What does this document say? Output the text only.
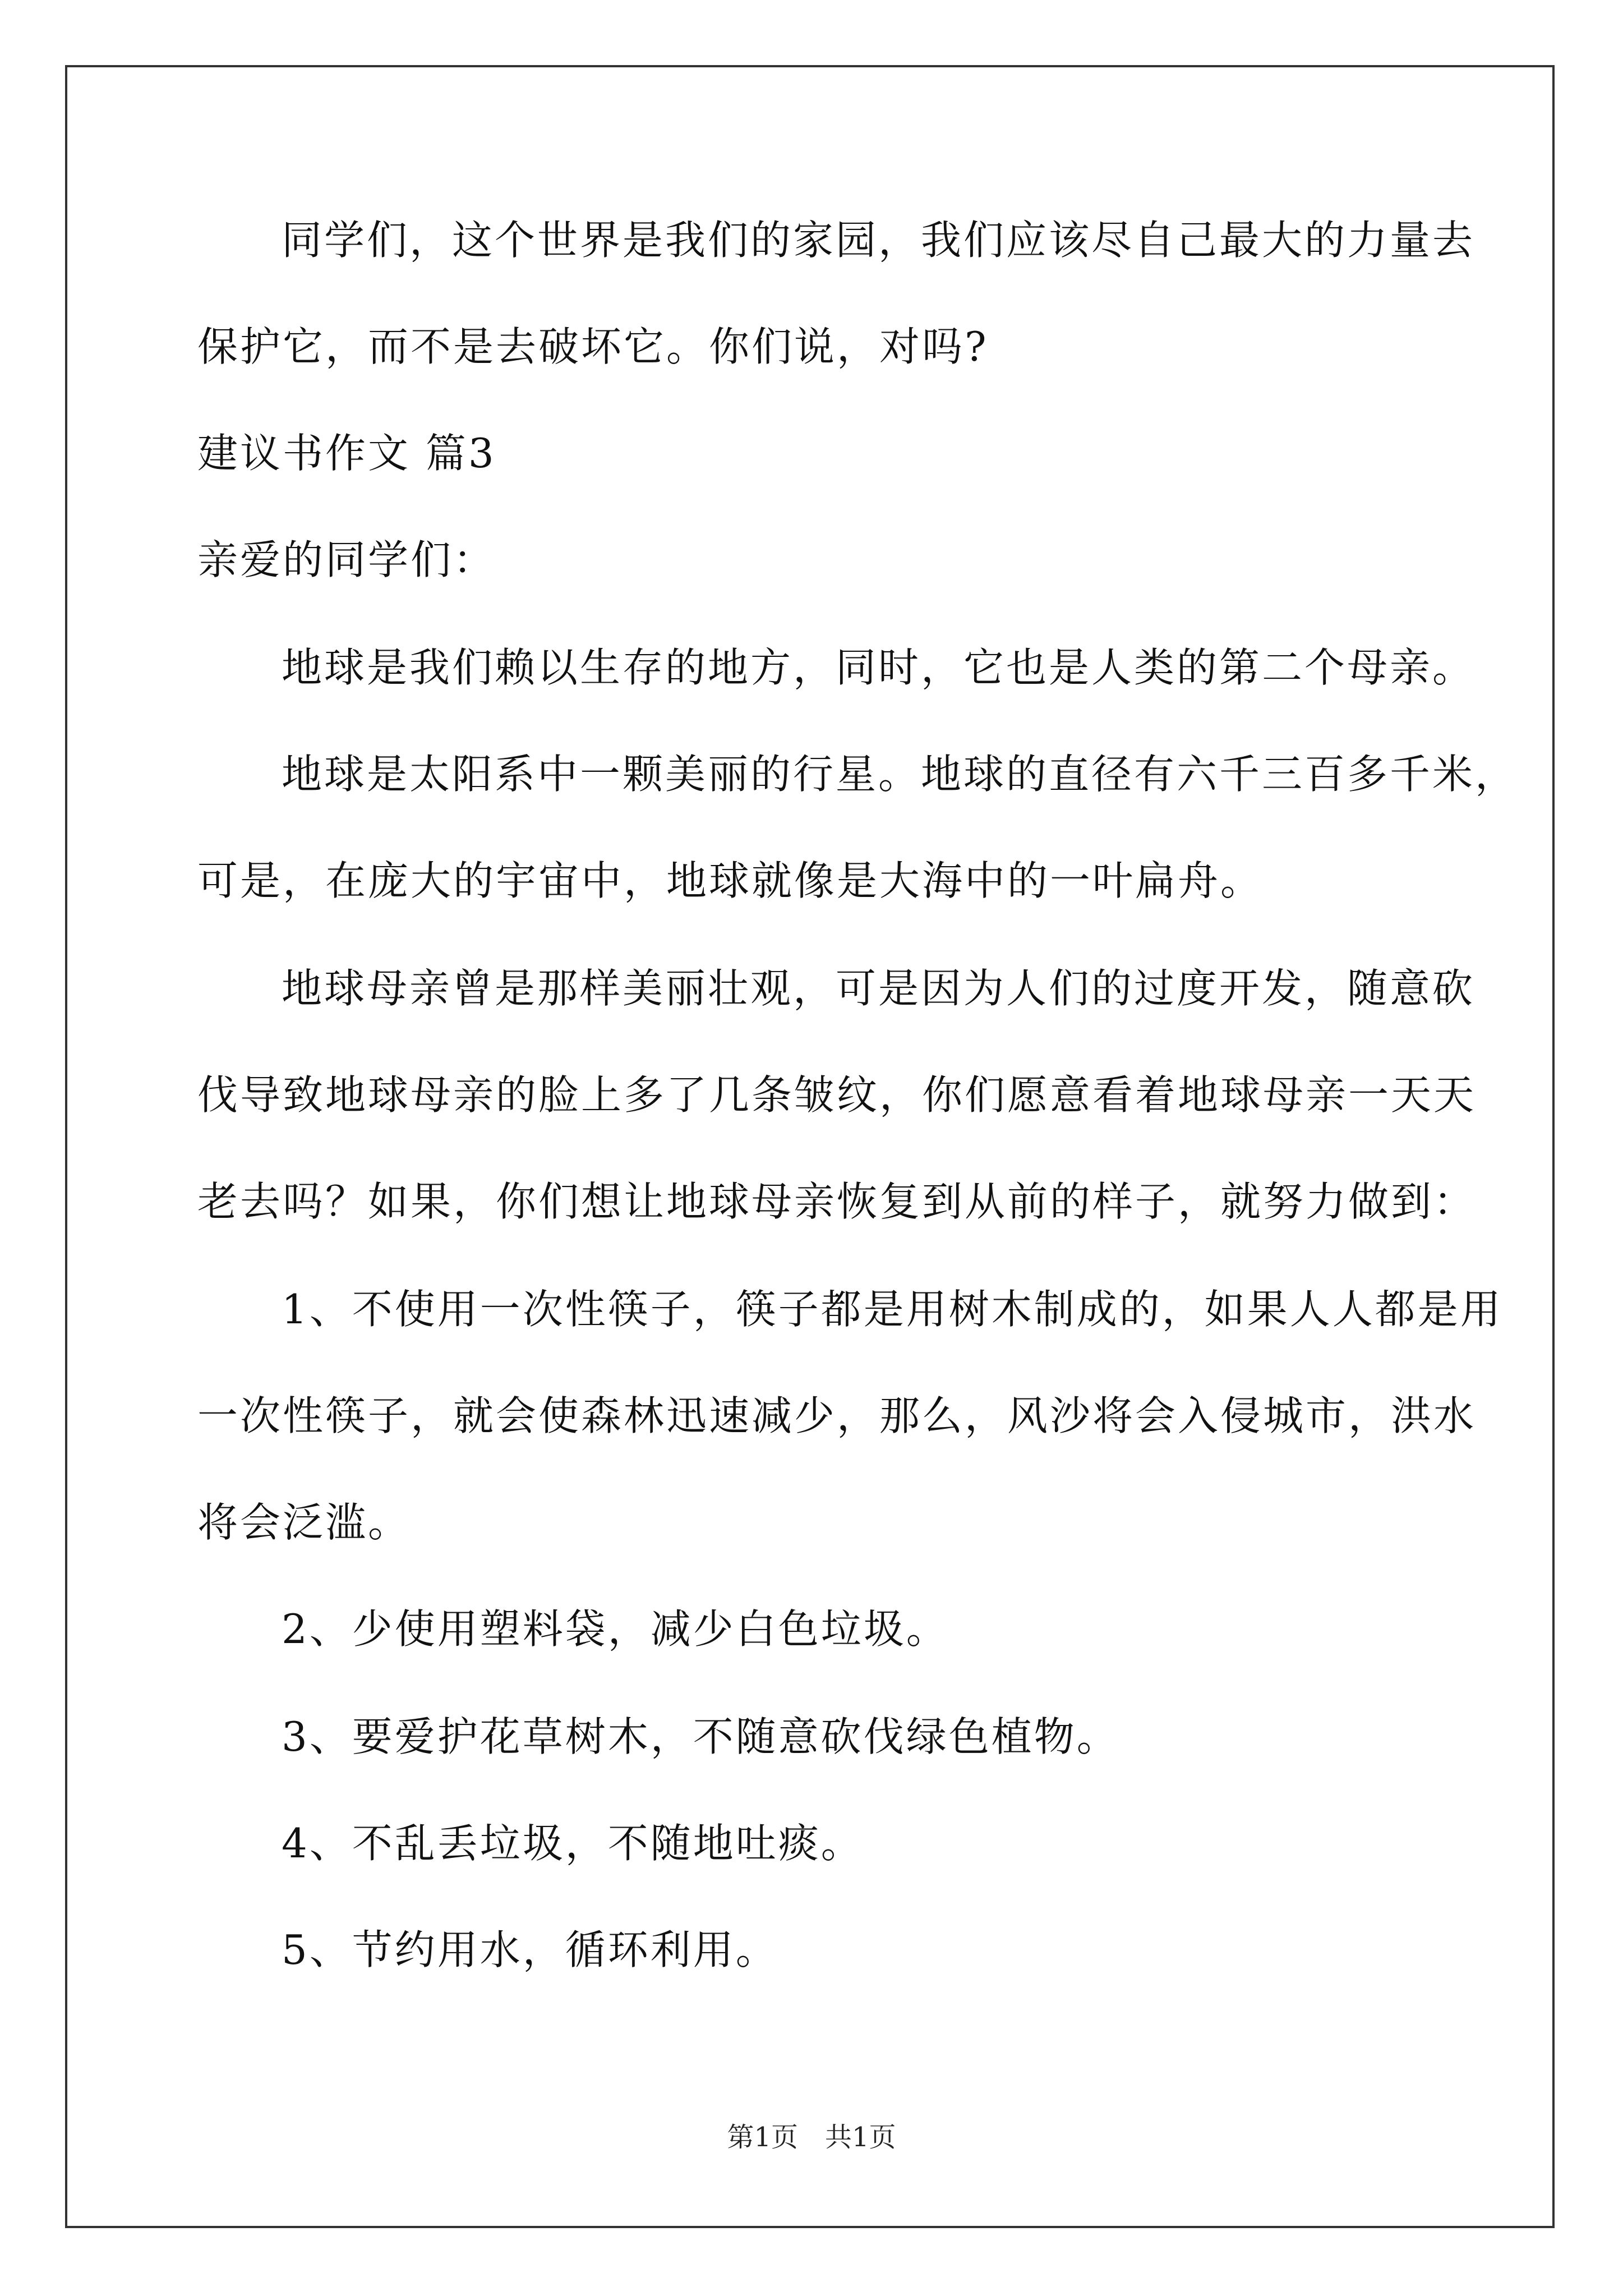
同学们，这个世界是我们的家园，我们应该尽自己最大的力量去
保护它，而不是去破坏它。你们说，对吗?
建议书作文 篇3
亲爱的同学们：
地球是我们赖以生存的地方，同时，它也是人类的第二个母亲。
地球是太阳系中一颗美丽的行星。地球的直径有六千三百多千米，
可是，在庞大的宇宙中，地球就像是大海中的一叶扁舟。
地球母亲曾是那样美丽壮观，可是因为人们的过度开发，随意砍
伐导致地球母亲的脸上多了几条皱纹，你们愿意看着地球母亲一天天
老去吗？如果，你们想让地球母亲恢复到从前的样子，就努力做到：
1、不使用一次性筷子，筷子都是用树木制成的，如果人人都是用
一次性筷子，就会使森林迅速减少，那么，风沙将会入侵城市，洪水
将会泛滥。
2、少使用塑料袋，减少白色垃圾。
3、要爱护花草树木，不随意砍伐绿色植物。
4、不乱丢垃圾，不随地吐痰。
5、节约用水，循环利用。
第1页　共1页
